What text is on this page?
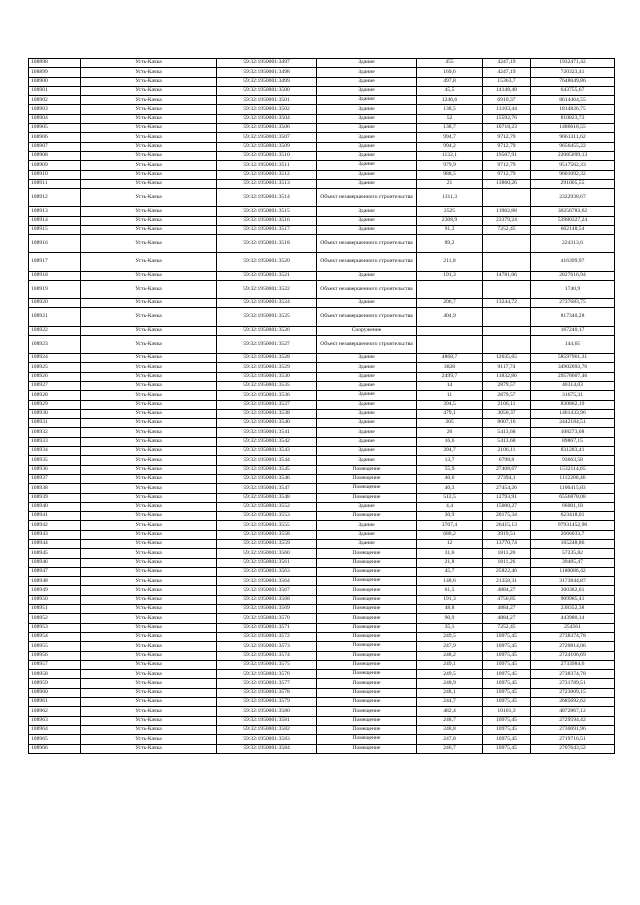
108898	Усть-Качка	59:32:1950001:3497	Здание	455	4247,19	1932471,42
108899	Усть-Качка	59:32:1950001:3498	Здание	169,6	4247,19	720323,41
108900	Усть-Качка	59:32:1950001:3499	Здание	497,8	15363,7	7648049,86
108901	Усть-Качка	59:32:1950001:3500	Здание	45,5	14148,48	643755,67
108902	Усть-Качка	59:32:1950001:3501	Здание	1246,6	6910,37	8614464,55
108903	Усть-Качка	59:32:1950001:3502	Здание	138,5	13103,44	1814826,75
108904	Усть-Качка	59:32:1950001:3504	Здание	52	15592,76	810823,73
108905	Усть-Качка	59:32:1950001:3506	Здание	138,7	10718,23	1486618,55
108906	Усть-Качка	59:32:1950001:3507	Здание	994,7	9712,79	9661311,62
108907	Усть-Качка	59:32:1950001:3509	Здание	994,2	9712,79	9656455,22
108908	Усть-Качка	59:32:1950001:3510	Здание	1132,1	19507,91	22085099,13
108909	Усть-Качка	59:32:1950001:3511	Здание	979,9	9712,79	9517562,33
108910	Усть-Качка	59:32:1950001:3512	Здание	988,5	9712,79	9601092,32
108911	Усть-Качка	59:32:1950001:3513	Здание	21	13860,26	291065,55
108912	Усть-Качка	59:32:1950001:3514	Объект незавершенного строительства	1311,3		2322938,67
108913	Усть-Качка	59:32:1950001:3515	Здание	2525	11982,88	30256783,62
108914	Усть-Качка	59:32:1950001:3516	Здание	2308,9	23379,24	53980327,24
108915	Усть-Качка	59:32:1950001:3517	Здание	91,3	7252,45	662148,54
108916	Усть-Качка	59:32:1950001:3518	Объект незавершенного строительства	89,2		224313,6
108917	Усть-Качка	59:32:1950001:3520	Объект незавершенного строительства	211,8		416399,97
108918	Усть-Качка	59:32:1950001:3521	Здание	191,3	14781,06	2827616,94
108919	Усть-Качка	59:32:1950001:3522	Объект незавершенного строительства			1740,9
108920	Усть-Качка	59:32:1950001:3524	Здание	206,7	13244,72	2737683,75
108921	Усть-Качка	59:32:1950001:3525	Объект незавершенного строительства	404,9		817340,28
108922	Усть-Качка	59:32:1950001:3526	Сооружение			167240,17
108923	Усть-Качка	59:32:1950001:3527	Объект незавершенного строительства			144,65
108924	Усть-Качка	59:32:1950001:3528	Здание	4868,7	12035,65	58597961,31
108925	Усть-Качка	59:32:1950001:3529	Здание	3828	9117,74	34902693,76
108926	Усть-Качка	59:32:1950001:3530	Здание	2499,7	11832,86	29578607,46
108927	Усть-Качка	59:32:1950001:3535	Здание	14	2879,57	40314,03
108928	Усть-Качка	59:32:1950001:3536	Здание	11	2879,57	31675,31
108929	Усть-Качка	59:32:1950001:3537	Здание	394,5	2106,11	830862,19
108930	Усть-Качка	59:32:1950001:3538	Здание	479,1	3050,37	1461433,96
108931	Усть-Качка	59:32:1950001:3540	Здание	305	8007,16	2442184,51
108932	Усть-Качка	59:32:1950001:3541	Здание	20	5413,68	108273,68
108933	Усть-Качка	59:32:1950001:3542	Здание	16,6	5413,68	89867,15
108934	Усть-Качка	59:32:1950001:3543	Здание	394,7	2106,11	831283,41
108935	Усть-Качка	59:32:1950001:3544	Здание	13,7	6798,8	93663,58
108936	Усть-Качка	59:32:1950001:3545	Помещение	55,9	27408,67	1532114,65
108937	Усть-Качка	59:32:1950001:3546	Помещение	40,6	27394,1	1112200,46
108938	Усть-Качка	59:32:1950001:3547	Помещение	40,3	27454,26	1106415,83
108939	Усть-Качка	59:32:1950001:3548	Помещение	512,5	12793,91	6556878,08
108940	Усть-Качка	59:32:1950001:3552	Здание	4,4	15000,27	66001,18
108941	Усть-Качка	59:32:1950001:3553	Помещение	30,9	20175,34	623418,01
108942	Усть-Качка	59:32:1950001:3555	Здание	3707,4	26415,13	97931452,96
108943	Усть-Качка	59:32:1950001:3558	Здание	680,2	3919,51	2666033,7
108944	Усть-Качка	59:32:1950001:3559	Здание	12	13770,74	165248,86
108945	Усть-Качка	59:32:1950001:3560	Помещение	31,6	1811,26	57235,82
108946	Усть-Качка	59:32:1950001:3561	Помещение	21,8	1811,26	39485,47
108947	Усть-Качка	59:32:1950001:3563	Помещение	45,7	25822,46	1180086,42
108948	Усть-Качка	59:32:1950001:3564	Помещение	148,6	21358,31	3173844,87
108949	Усть-Качка	59:32:1950001:3567	Помещение	61,5	4884,27	300382,61
108950	Усть-Качка	59:32:1950001:3568	Помещение	191,3	4756,85	909985,41
108951	Усть-Качка	59:32:1950001:3569	Помещение	48,8	4884,27	238352,38
108952	Усть-Качка	59:32:1950001:3570	Помещение	90,9	4884,27	443980,14
108953	Усть-Качка	59:32:1950001:3571	Помещение	35,1	7252,45	254561
108954	Усть-Качка	59:32:1950001:3572	Помещение	249,5	10975,45	2738374,78
108955	Усть-Качка	59:32:1950001:3573	Помещение	247,9	10975,45	2720814,06
108956	Усть-Качка	59:32:1950001:3574	Помещение	248,2	10975,45	2724106,69
108957	Усть-Качка	59:32:1950001:3575	Помещение	249,1	10975,45	2733984,6
108958	Усть-Качка	59:32:1950001:3576	Помещение	249,5	10975,45	2738374,78
108959	Усть-Качка	59:32:1950001:3577	Помещение	248,9	10975,45	2731789,51
108960	Усть-Качка	59:32:1950001:3578	Помещение	248,1	10975,45	2723009,15
108961	Усть-Качка	59:32:1950001:3579	Помещение	244,7	10975,45	2685692,62
108962	Усть-Качка	59:32:1950001:3580	Помещение	482,4	10101,3	4872867,12
108963	Усть-Качка	59:32:1950001:3581	Помещение	248,7	10975,45	2729594,42
108964	Усть-Качка	59:32:1950001:3582	Помещение	248,8	10975,45	2730691,96
108965	Усть-Качка	59:32:1950001:3583	Помещение	247,8	10975,45	2719716,51
108966	Усть-Качка	59:32:1950001:3584	Помещение	246,7	10975,45	2707643,52
